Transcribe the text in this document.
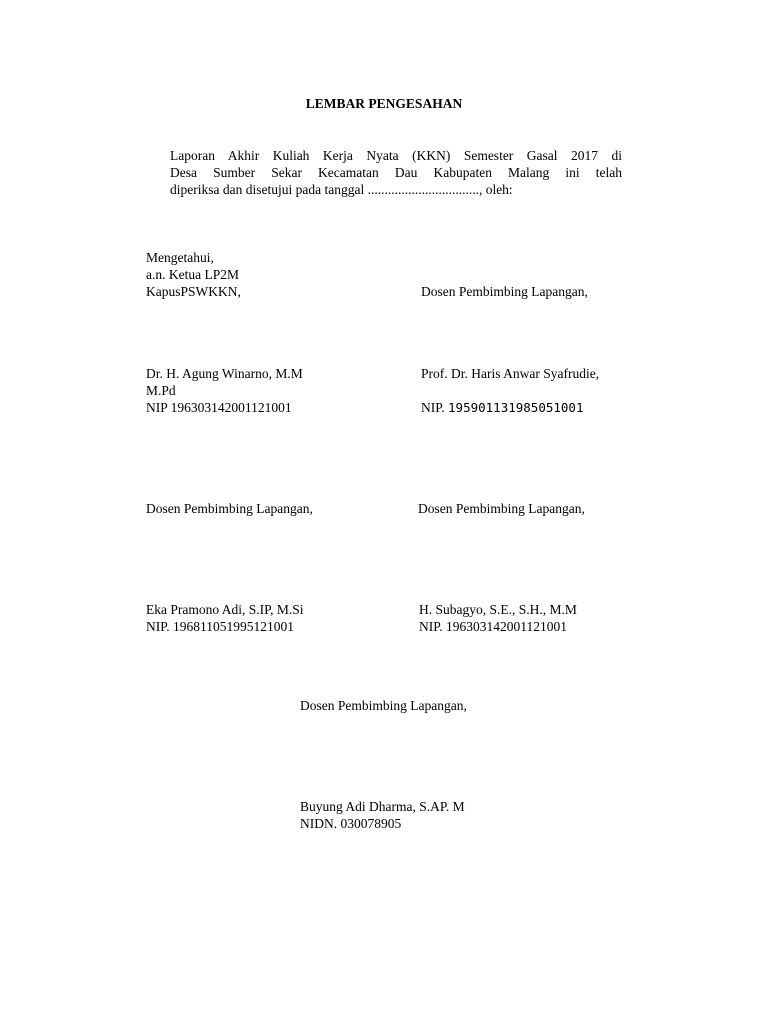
LEMBAR PENGESAHAN
Laporan Akhir Kuliah Kerja Nyata (KKN) Semester Gasal 2017 di
Desa Sumber Sekar Kecamatan Dau Kabupaten Malang ini telah
diperiksa dan disetujui pada tanggal ................................., oleh:
Mengetahui,
a.n. Ketua LP2M
KapusPSWKKN,	Dosen Pembimbing Lapangan,
Dr. H. Agung Winarno, M.M
M.Pd
NIP 196303142001121001
Prof. Dr. Haris Anwar Syafrudie,
NIP. 195901131985051001
Dosen Pembimbing Lapangan,	Dosen Pembimbing Lapangan,
Eka Pramono Adi, S.IP, M.Si
NIP. 196811051995121001
H. Subagyo, S.E., S.H., M.M
NIP. 196303142001121001
Dosen Pembimbing Lapangan,
Buyung Adi Dharma, S.AP. M
NIDN. 030078905
